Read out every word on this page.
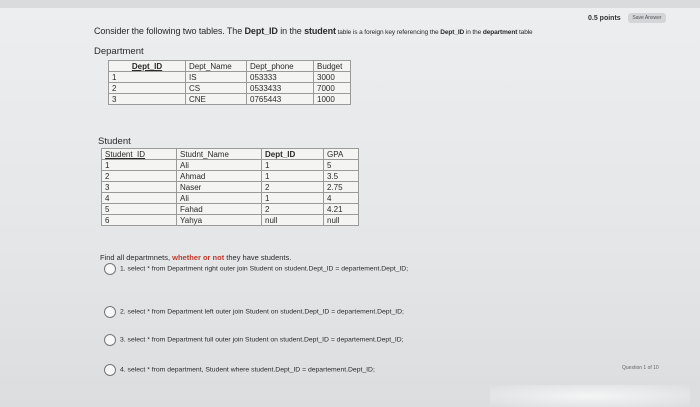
0.5 points	Save Answer
Consider the following two tables. The Dept_ID in the student table is a foreign key referencing the Dept_ID in the department table
Department
Dept_ID	Dept_Name	Dept_phone	Budget
1	IS	053333	3000
2	CS	0533433	7000
3	CNE	0765443	1000
Student
Student_ID	Studnt_Name	Dept_ID	GPA
1	Ali	1	5
2	Ahmad	1	3.5
3	Naser	2	2.75
4	Ali	1	4
5	Fahad	2	4.21
6	Yahya	null	null
Find all departmnets, whether or not they have students.
1. select * from Department right outer join Student on student.Dept_ID = departement.Dept_ID;
2. select * from Department left outer join Student on student.Dept_ID = departement.Dept_ID;
3. select * from Department full outer join Student on student.Dept_ID = departement.Dept_ID;
4. select * from department, Student where student.Dept_ID = departement.Dept_ID;	Question 1 of 10
